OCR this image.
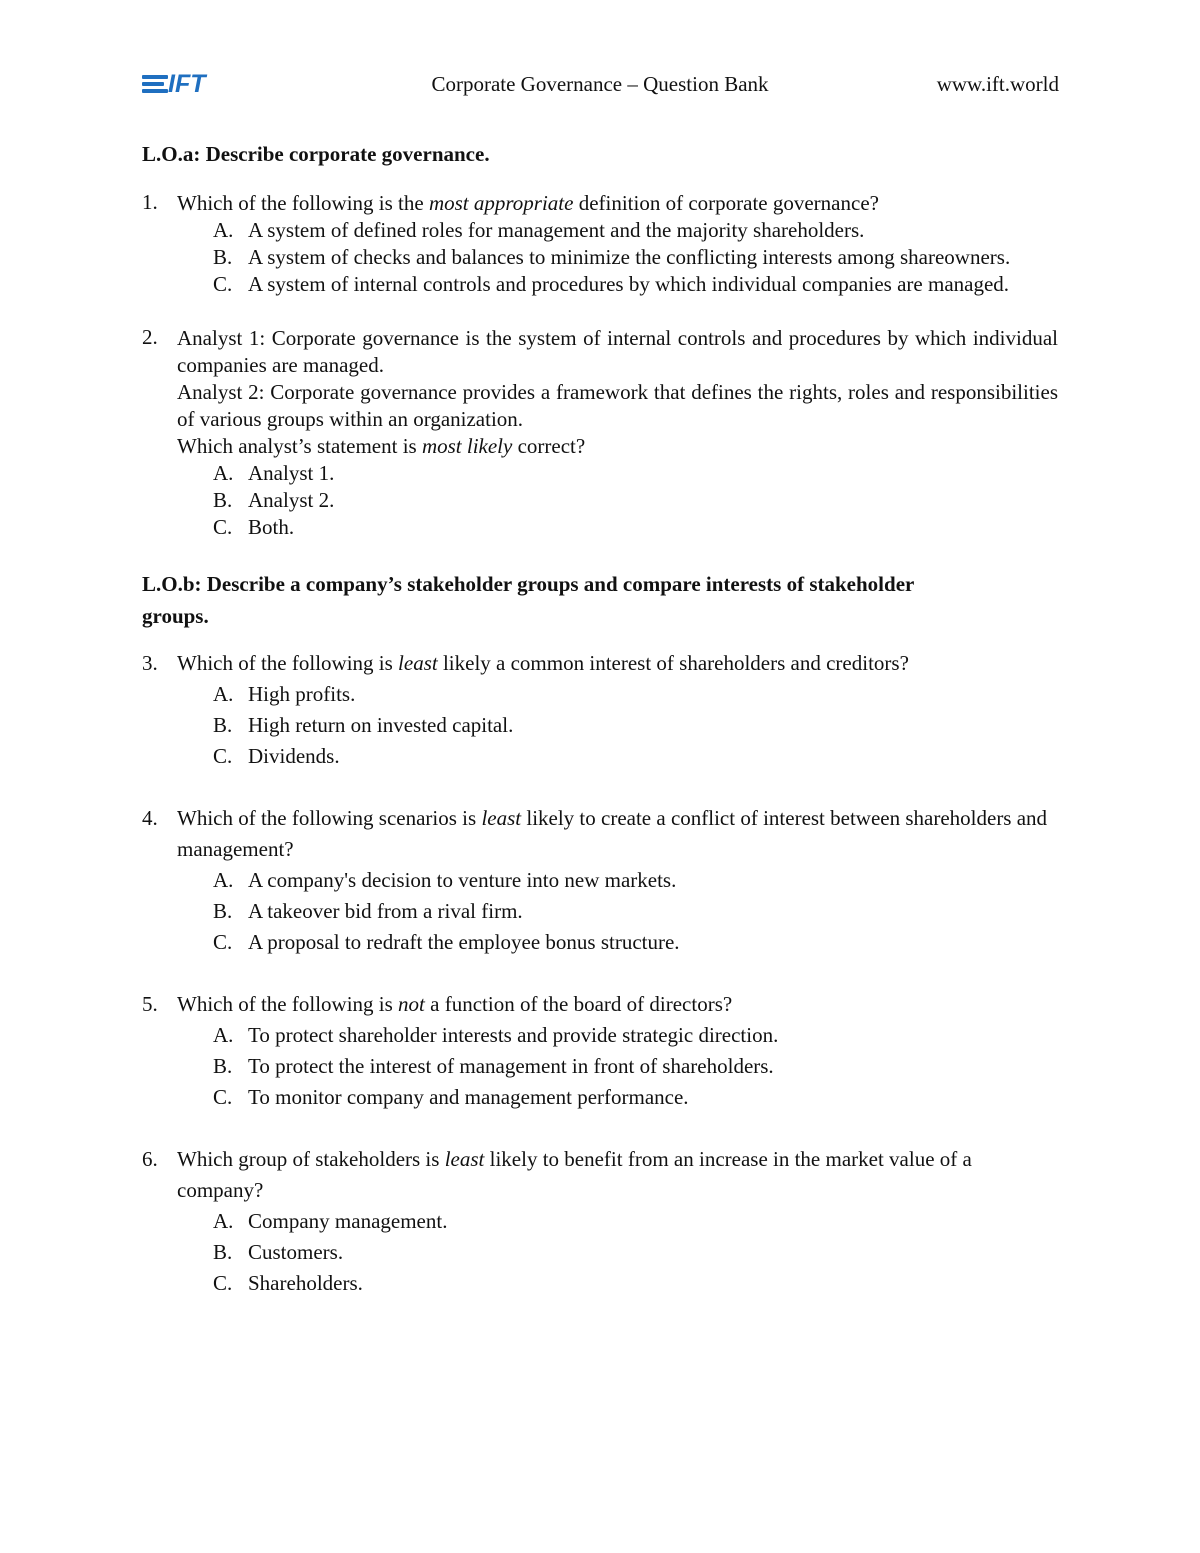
IFT	Corporate Governance – Question Bank	www.ift.world
L.O.a: Describe corporate governance.
1. Which of the following is the most appropriate definition of corporate governance?
A. A system of defined roles for management and the majority shareholders.
B. A system of checks and balances to minimize the conflicting interests among shareowners.
C. A system of internal controls and procedures by which individual companies are managed.
2. Analyst 1: Corporate governance is the system of internal controls and procedures by which individual companies are managed.
Analyst 2: Corporate governance provides a framework that defines the rights, roles and responsibilities of various groups within an organization.
Which analyst’s statement is most likely correct?
A. Analyst 1.
B. Analyst 2.
C. Both.
L.O.b: Describe a company’s stakeholder groups and compare interests of stakeholder
groups.
3. Which of the following is least likely a common interest of shareholders and creditors?
A. High profits.
B. High return on invested capital.
C. Dividends.
4. Which of the following scenarios is least likely to create a conflict of interest between shareholders and management?
A. A company's decision to venture into new markets.
B. A takeover bid from a rival firm.
C. A proposal to redraft the employee bonus structure.
5. Which of the following is not a function of the board of directors?
A. To protect shareholder interests and provide strategic direction.
B. To protect the interest of management in front of shareholders.
C. To monitor company and management performance.
6. Which group of stakeholders is least likely to benefit from an increase in the market value of a company?
A. Company management.
B. Customers.
C. Shareholders.
